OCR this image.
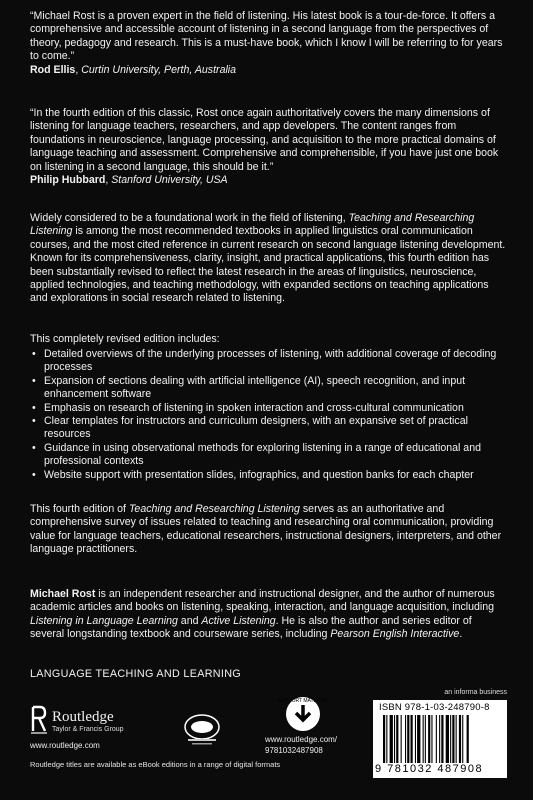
“Michael Rost is a proven expert in the field of listening. His latest book is a tour-de-force. It offers a comprehensive and accessible account of listening in a second language from the perspectives of theory, pedagogy and research. This is a must-have book, which I know I will be referring to for years to come.”
Rod Ellis, Curtin University, Perth, Australia
“In the fourth edition of this classic, Rost once again authoritatively covers the many dimensions of listening for language teachers, researchers, and app developers. The content ranges from foundations in neuroscience, language processing, and acquisition to the more practical domains of language teaching and assessment. Comprehensive and comprehensible, if you have just one book on listening in a second language, this should be it.”
Philip Hubbard, Stanford University, USA

Widely considered to be a foundational work in the field of listening, Teaching and Researching Listening is among the most recommended textbooks in applied linguistics oral communication courses, and the most cited reference in current research on second language listening development. Known for its comprehensiveness, clarity, insight, and practical applications, this fourth edition has been substantially revised to reflect the latest research in the areas of linguistics, neuroscience, applied technologies, and teaching methodology, with expanded sections on teaching applications and explorations in social research related to listening.

This completely revised edition includes:

• Detailed overviews of the underlying processes of listening, with additional coverage of decoding processes
• Expansion of sections dealing with artificial intelligence (AI), speech recognition, and input enhancement software
• Emphasis on research of listening in spoken interaction and cross-cultural communication
• Clear templates for instructors and curriculum designers, with an expansive set of practical resources
• Guidance in using observational methods for exploring listening in a range of educational and professional contexts
• Website support with presentation slides, infographics, and question banks for each chapter

This fourth edition of Teaching and Researching Listening serves as an authoritative and comprehensive survey of issues related to teaching and researching oral communication, providing value for language teachers, educational researchers, instructional designers, interpreters, and other language practitioners.

Michael Rost is an independent researcher and instructional designer, and the author of numerous academic articles and books on listening, speaking, interaction, and language acquisition, including Listening in Language Learning and Active Listening. He is also the author and series editor of several longstanding textbook and courseware series, including Pearson English Interactive.

LANGUAGE TEACHING AND LEARNING

an informa business
Routledge
Taylor & Francis Group
www.routledge.com
SUPPORT MATERIAL
www.routledge.com/
9781032487908
ISBN 978-1-03-248790-8
9 781032 487908
Routledge titles are available as eBook editions in a range of digital formats
